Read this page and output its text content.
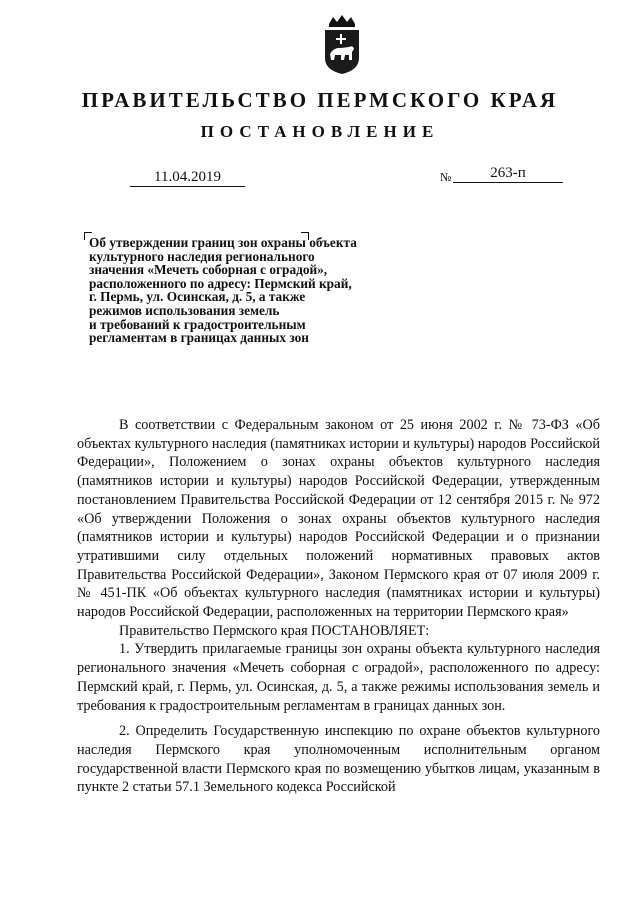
ПРАВИТЕЛЬСТВО ПЕРМСКОГО КРАЯ
ПОСТАНОВЛЕНИЕ
11.04.2019	№	263-п
Об утверждении границ зон охраны объекта
культурного наследия регионального
значения «Мечеть соборная с оградой»,
расположенного по адресу: Пермский край,
г. Пермь, ул. Осинская, д. 5, а также
режимов использования земель
и требований к градостроительным
регламентам в границах данных зон

В соответствии с Федеральным законом от 25 июня 2002 г. № 73-ФЗ «Об объектах культурного наследия (памятниках истории и культуры) народов Российской Федерации», Положением о зонах охраны объектов культурного наследия (памятников истории и культуры) народов Российской Федерации, утвержденным постановлением Правительства Российской Федерации от 12 сентября 2015 г. № 972 «Об утверждении Положения о зонах охраны объектов культурного наследия (памятников истории и культуры) народов Российской Федерации и о признании утратившими силу отдельных положений нормативных правовых актов Правительства Российской Федерации», Законом Пермского края от 07 июля 2009 г. № 451-ПК «Об объектах культурного наследия (памятниках истории и культуры) народов Российской Федерации, расположенных на территории Пермского края»

Правительство Пермского края ПОСТАНОВЛЯЕТ:

1. Утвердить прилагаемые границы зон охраны объекта культурного наследия регионального значения «Мечеть соборная с оградой», расположенного по адресу: Пермский край, г. Пермь, ул. Осинская, д. 5, а также режимы использования земель и требования к градостроительным регламентам в границах данных зон.

2. Определить Государственную инспекцию по охране объектов культурного наследия Пермского края уполномоченным исполнительным органом государственной власти Пермского края по возмещению убытков лицам, указанным в пункте 2 статьи 57.1 Земельного кодекса Российской
